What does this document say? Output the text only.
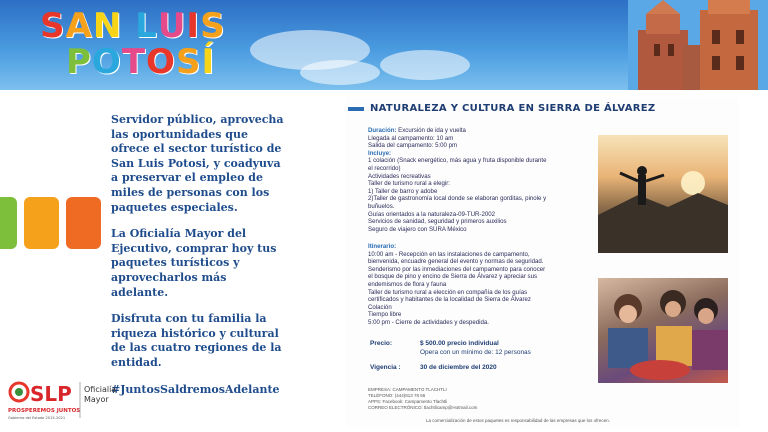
SAN LUIS
POTOSÍ

Servidor público, aprovecha las oportunidades que ofrece el sector turístico de San Luis Potosi, y coadyuva a preservar el empleo de miles de personas con los paquetes especiales.

La Oficialía Mayor del Ejecutivo, comprar hoy tus paquetes turísticos y aprovecharlos más adelante.

Disfruta con tu familia la riqueza histórico y cultural de las cuatro regiones de la entidad.

#JuntosSaldremosAdelante

SLP
PROSPEREMOS JUNTOS
Gobierno del Estado 2015-2021
Oficialía
Mayor
NATURALEZA Y CULTURA EN SIERRA DE ÁLVAREZ
Duración: Excursión de ida y vuelta
Llegada al campamento: 10 am
Salida del campamento: 5:00 pm
Incluye:
1 colación (Snack energético, más agua y fruta disponible durante
el recorrido)
Actividades recreativas
Taller de turismo rural a elegir:
1) Taller de barro y adobe
2)Taller de gastronomía local donde se elaboran gorditas, pinole y
buñuelos.
Guías orientados a la naturaleza-09-TUR-2002
Servicios de sanidad, seguridad y primeros auxilios
Seguro de viajero con SURA México
Itinerario:
10:00 am - Recepción en las instalaciones de campamento,
bienvenida, encuadre general del evento y normas de seguridad.
Senderismo por las inmediaciones del campamento para conocer
el bosque de pino y encino de Sierra de Álvarez y apreciar sus
endemismos de flora y fauna
Taller de turismo rural a elección en compañía de los guías
certificados y habitantes de la localidad de Sierra de Álvarez
Colación
Tiempo libre
5:00 pm - Cierre de actividades y despedida.
Precio:	$ 500.00 precio individual
Opera con un mínimo de: 12 personas
Vigencia :	30 de diciembre del 2020
EMPRESA: CAMPAMENTO TLACHTLI
TELÉFONO: (444)813 78 66
APPS: Facebook: Campamento Tlachtli
CORREO ELECTRÓNICO: tlachtlicamp@Hotmail.com
La comercialización de estos paquetes es responsabilidad de las empresas que los ofrecen.
